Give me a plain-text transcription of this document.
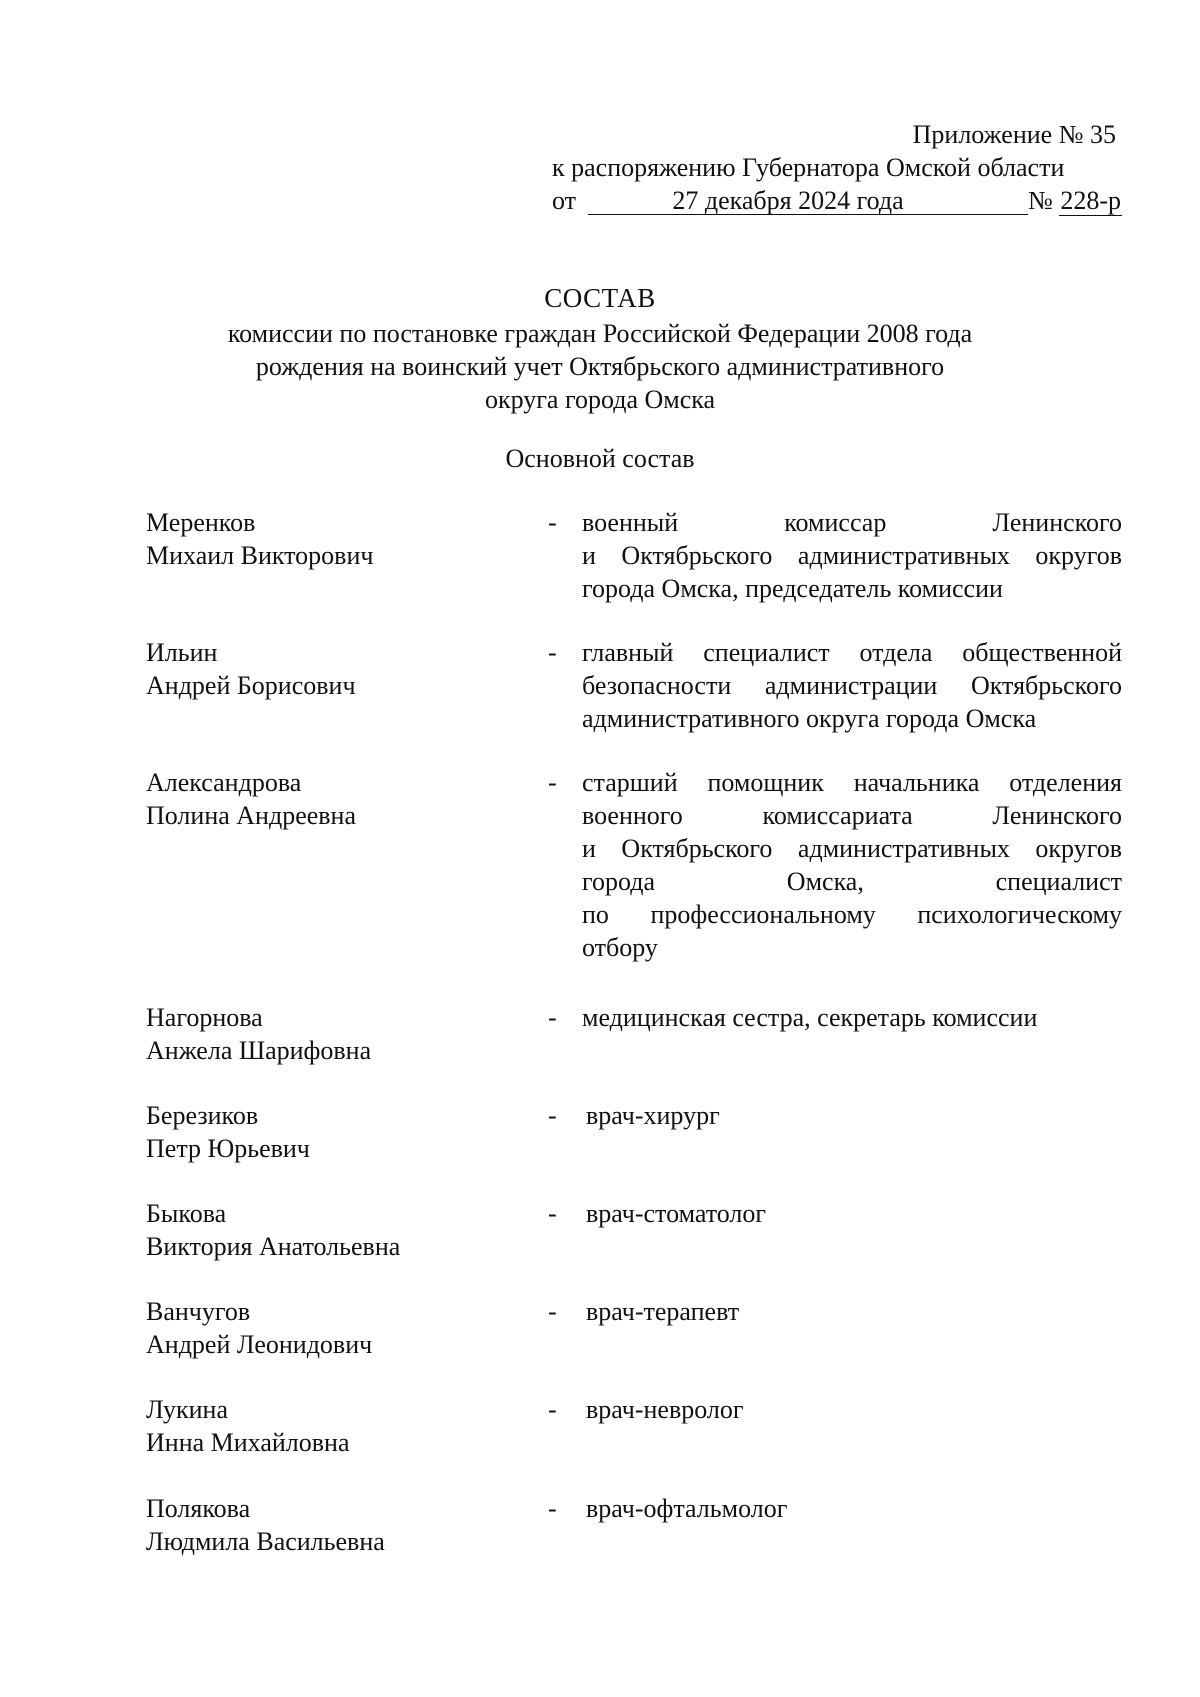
Приложение № 35
к распоряжению Губернатора Омской области
от	27 декабря 2024 года	№ 228-р
СОСТАВ
комиссии по постановке граждан Российской Федерации 2008 года
рождения на воинский учет Октябрьского административного
округа города Омска
Основной состав
Меренков
Михаил Викторович
- военный комиссар Ленинского
и Октябрьского административных округов
города Омска, председатель комиссии
Ильин
Андрей Борисович
- главный специалист отдела общественной
безопасности администрации Октябрьского
административного округа города Омска
Александрова
Полина Андреевна
- старший помощник начальника отделения
военного комиссариата Ленинского
и Октябрьского административных округов
города Омска, специалист
по профессиональному психологическому
отбору
Нагорнова
Анжела Шарифовна
- медицинская сестра, секретарь комиссии
Березиков
Петр Юрьевич
- врач-хирург
Быкова
Виктория Анатольевна
- врач-стоматолог
Ванчугов
Андрей Леонидович
- врач-терапевт
Лукина
Инна Михайловна
- врач-невролог
Полякова
Людмила Васильевна
- врач-офтальмолог
